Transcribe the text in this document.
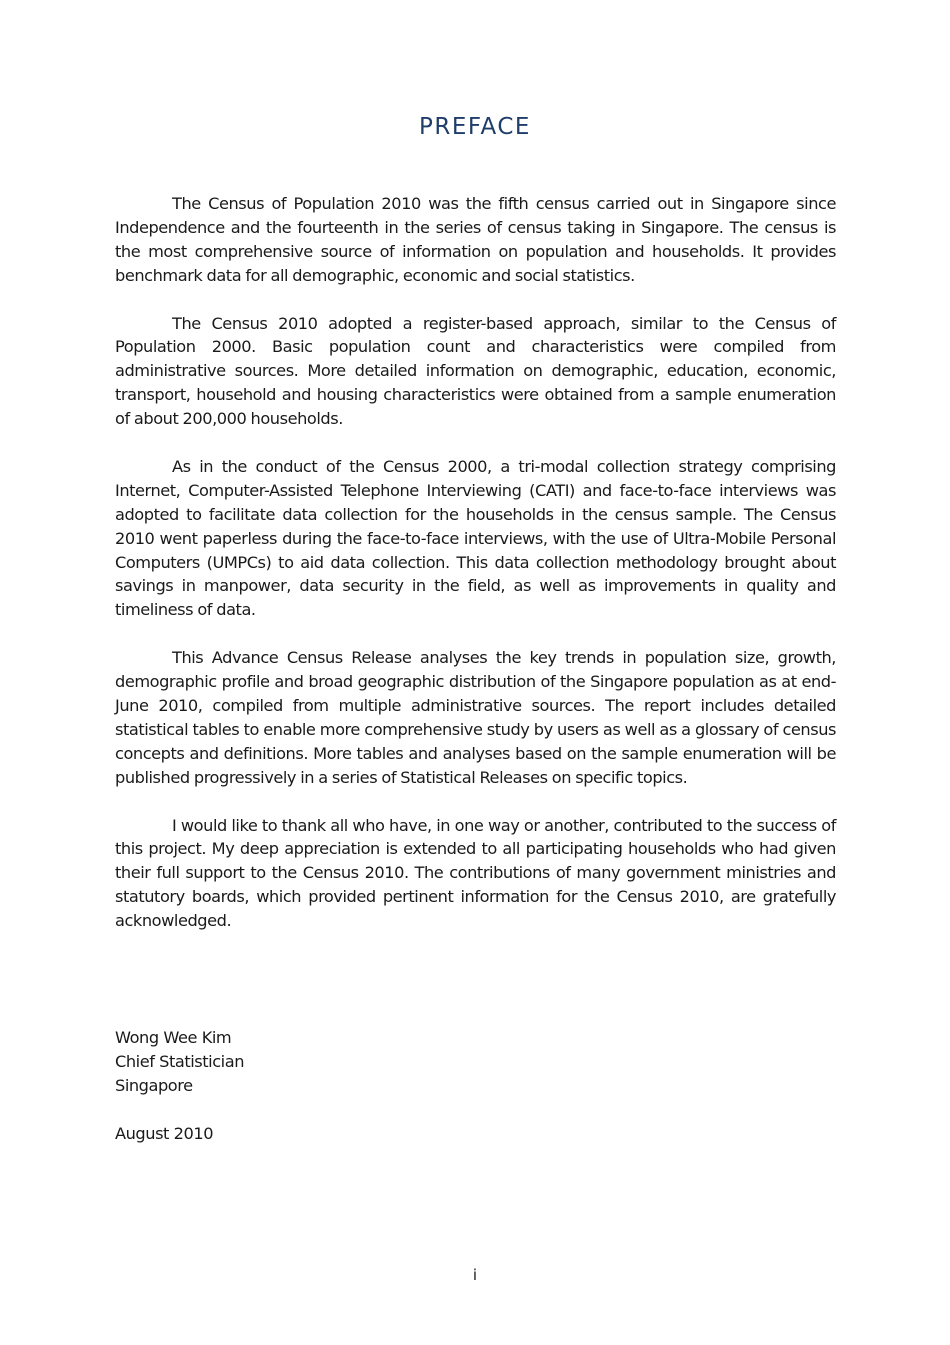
PREFACE

The Census of Population 2010 was the fifth census carried out in Singapore since Independence and the fourteenth in the series of census taking in Singapore. The census is the most comprehensive source of information on population and households. It provides benchmark data for all demographic, economic and social statistics.

The Census 2010 adopted a register-based approach, similar to the Census of Population 2000. Basic population count and characteristics were compiled from administrative sources. More detailed information on demographic, education, economic, transport, household and housing characteristics were obtained from a sample enumeration of about 200,000 households.

As in the conduct of the Census 2000, a tri-modal collection strategy comprising Internet, Computer-Assisted Telephone Interviewing (CATI) and face-to-face interviews was adopted to facilitate data collection for the households in the census sample. The Census 2010 went paperless during the face-to-face interviews, with the use of Ultra-Mobile Personal Computers (UMPCs) to aid data collection. This data collection methodology brought about savings in manpower, data security in the field, as well as improvements in quality and timeliness of data.

This Advance Census Release analyses the key trends in population size, growth, demographic profile and broad geographic distribution of the Singapore population as at end-June 2010, compiled from multiple administrative sources. The report includes detailed statistical tables to enable more comprehensive study by users as well as a glossary of census concepts and definitions. More tables and analyses based on the sample enumeration will be published progressively in a series of Statistical Releases on specific topics.

I would like to thank all who have, in one way or another, contributed to the success of this project. My deep appreciation is extended to all participating households who had given their full support to the Census 2010. The contributions of many government ministries and statutory boards, which provided pertinent information for the Census 2010, are gratefully acknowledged.

Wong Wee Kim
Chief Statistician
Singapore
August 2010
i
